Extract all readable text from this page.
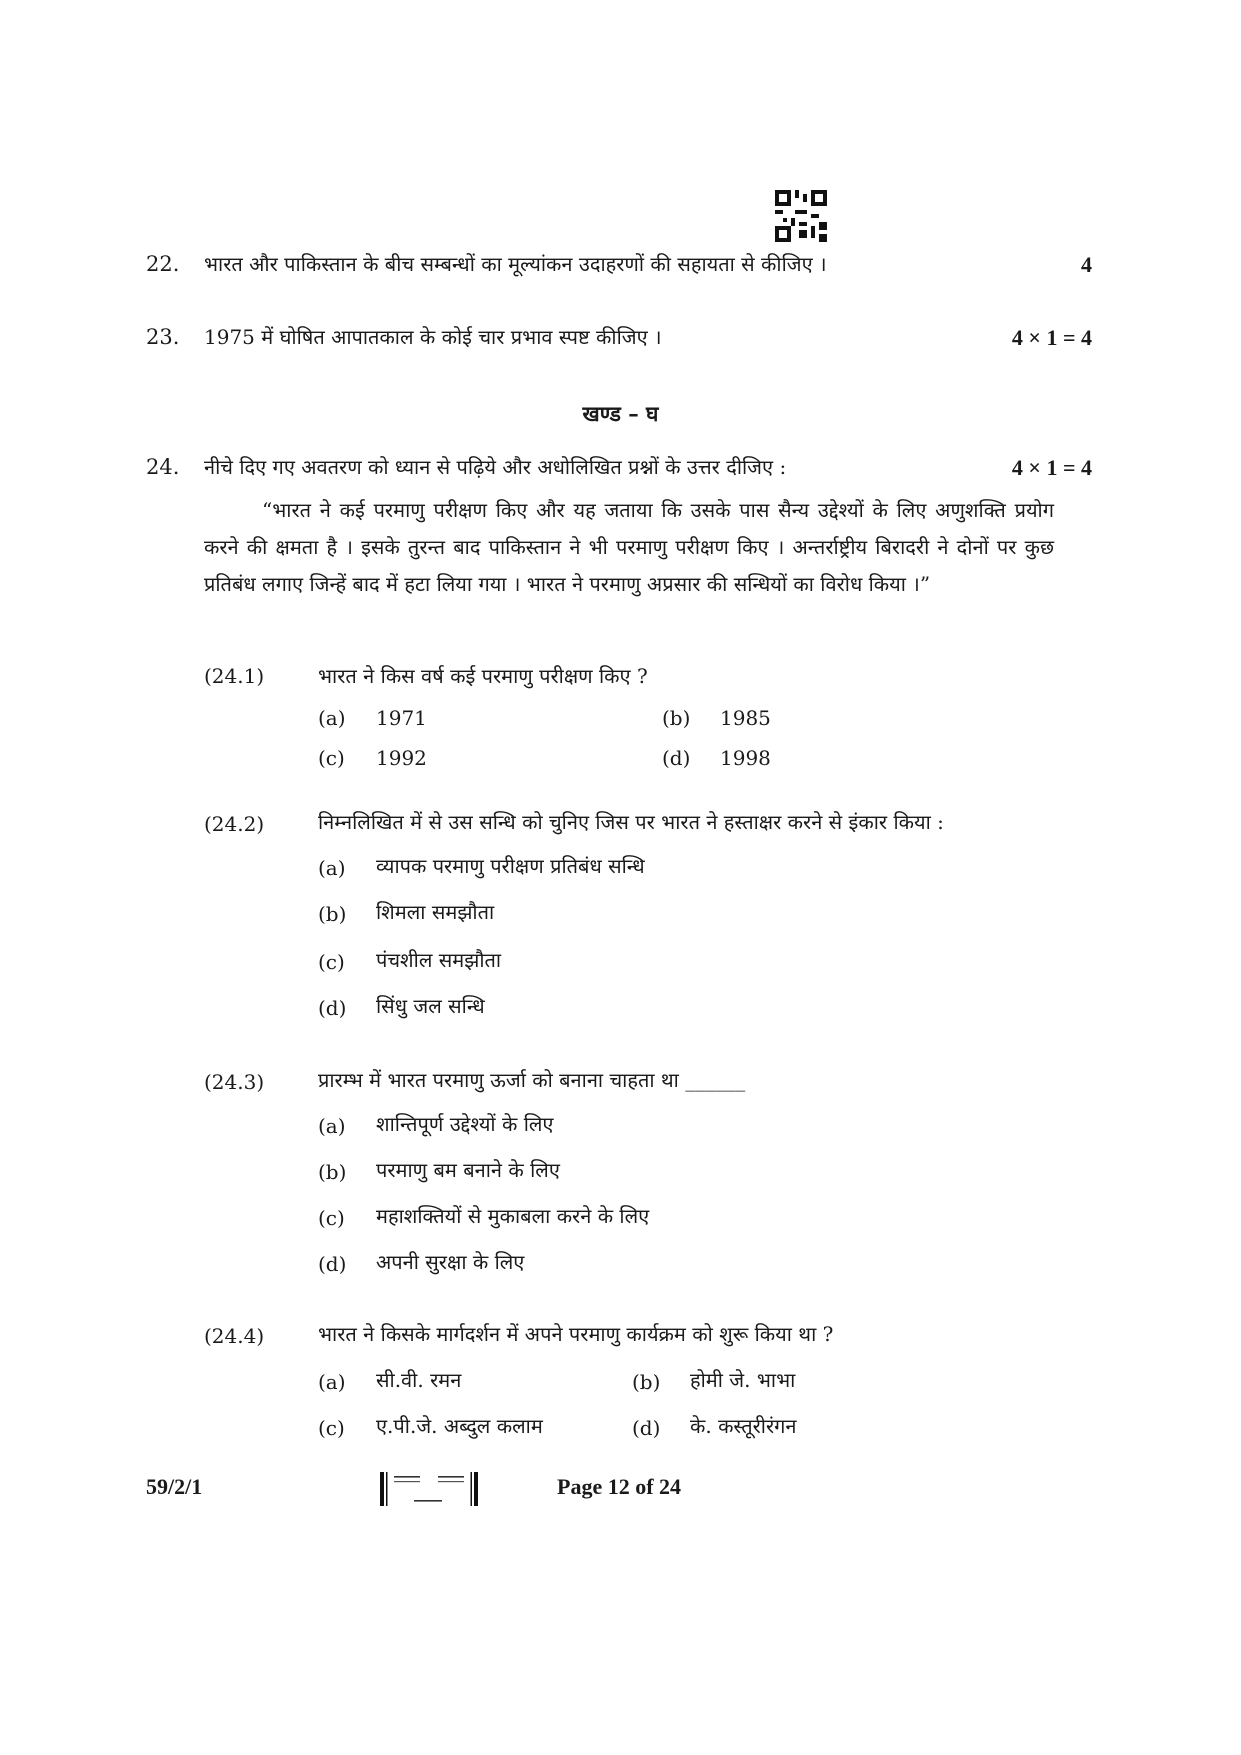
22. भारत और पाकिस्तान के बीच सम्बन्धों का मूल्यांकन उदाहरणों की सहायता से कीजिए ।	4
23. 1975 में घोषित आपातकाल के कोई चार प्रभाव स्पष्ट कीजिए ।	4 × 1 = 4
खण्ड – घ
24. नीचे दिए गए अवतरण को ध्यान से पढ़िये और अधोलिखित प्रश्नों के उत्तर दीजिए :	4 × 1 = 4
“भारत ने कई परमाणु परीक्षण किए और यह जताया कि उसके पास सैन्य उद्देश्यों के लिए अणुशक्ति प्रयोग करने की क्षमता है । इसके तुरन्त बाद पाकिस्तान ने भी परमाणु परीक्षण किए । अन्तर्राष्ट्रीय बिरादरी ने दोनों पर कुछ प्रतिबंध लगाए जिन्हें बाद में हटा लिया गया । भारत ने परमाणु अप्रसार की सन्धियों का विरोध किया ।”
(24.1)	भारत ने किस वर्ष कई परमाणु परीक्षण किए ?
(a) 1971	(b) 1985
(c) 1992	(d) 1998
(24.2)	निम्नलिखित में से उस सन्धि को चुनिए जिस पर भारत ने हस्ताक्षर करने से इंकार किया :
(a) व्यापक परमाणु परीक्षण प्रतिबंध सन्धि
(b) शिमला समझौता
(c) पंचशील समझौता
(d) सिंधु जल सन्धि
(24.3)	प्रारम्भ में भारत परमाणु ऊर्जा को बनाना चाहता था ______
(a) शान्तिपूर्ण उद्देश्यों के लिए
(b) परमाणु बम बनाने के लिए
(c) महाशक्तियों से मुकाबला करने के लिए
(d) अपनी सुरक्षा के लिए
(24.4)	भारत ने किसके मार्गदर्शन में अपने परमाणु कार्यक्रम को शुरू किया था ?
(a) सी.वी. रमन	(b) होमी जे. भाभा
(c) ए.पी.जे. अब्दुल कलाम	(d) के. कस्तूरीरंगन
59/2/1	Page 12 of 24
